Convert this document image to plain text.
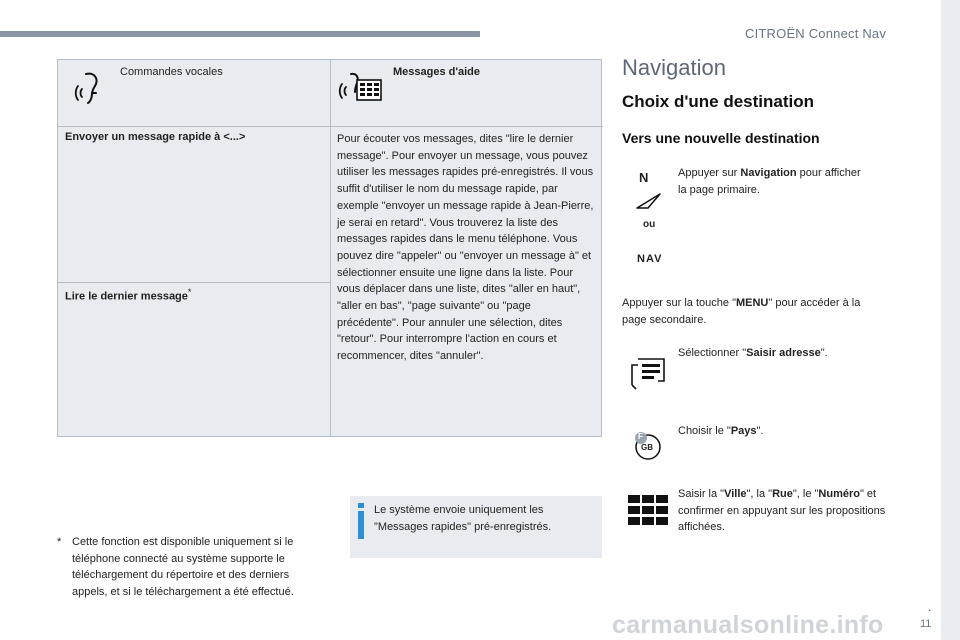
CITROËN Connect Nav
.
11
Commandes vocales	Messages d'aide
Envoyer un message rapide à <...>
Lire le dernier message*
Pour écouter vos messages, dites "lire le dernier message". Pour envoyer un message, vous pouvez utiliser les messages rapides pré-enregistrés. Il vous suffit d'utiliser le nom du message rapide, par exemple "envoyer un message rapide à Jean-Pierre, je serai en retard". Vous trouverez la liste des messages rapides dans le menu téléphone. Vous pouvez dire "appeler" ou "envoyer un message à" et sélectionner ensuite une ligne dans la liste. Pour vous déplacer dans une liste, dites "aller en haut", "aller en bas", "page suivante" ou "page précédente". Pour annuler une sélection, dites "retour". Pour interrompre l'action en cours et recommencer, dites "annuler".
* Cette fonction est disponible uniquement si le téléphone connecté au système supporte le téléchargement du répertoire et des derniers appels, et si le téléchargement a été effectué.
Le système envoie uniquement les "Messages rapides" pré-enregistrés.
Navigation
Choix d'une destination
Vers une nouvelle destination
N
ou
NAV
Appuyer sur Navigation pour afficher la page primaire.
Appuyer sur la touche "MENU" pour accéder à la page secondaire.
Sélectionner "Saisir adresse".
F
GB
Choisir le "Pays".
Saisir la "Ville", la "Rue", le "Numéro" et confirmer en appuyant sur les propositions affichées.
carmanualsonline.info
